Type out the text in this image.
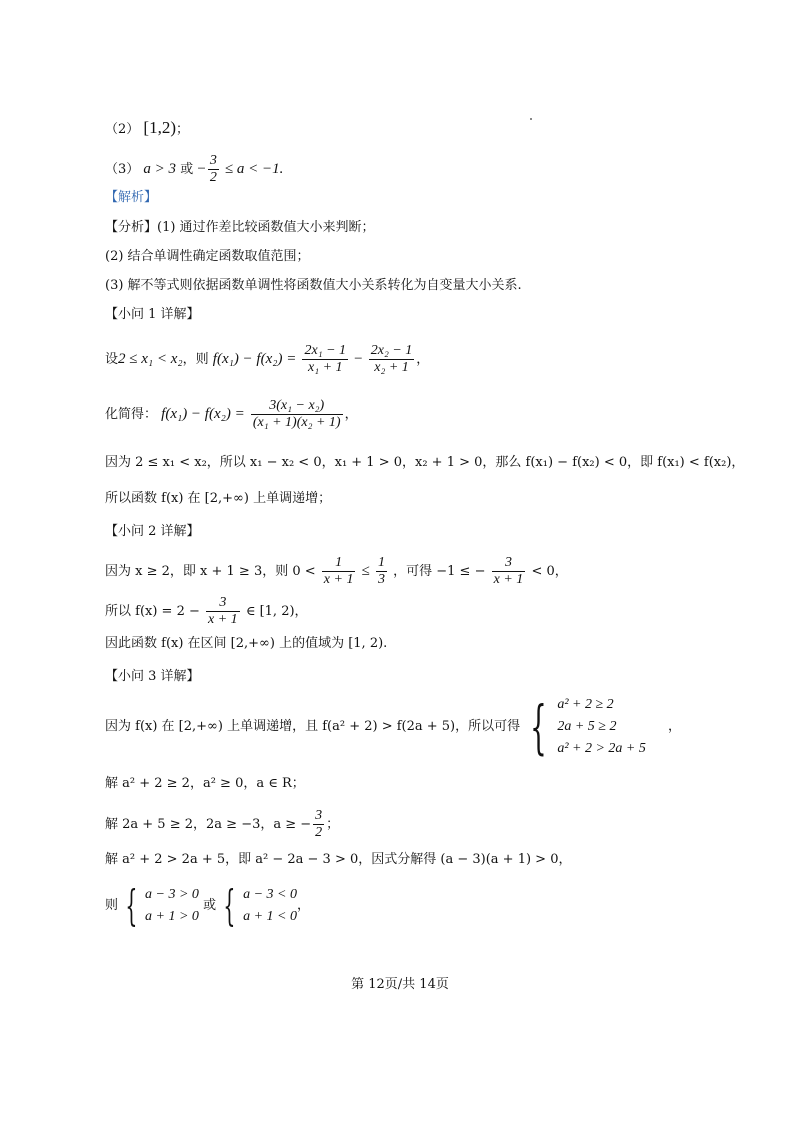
（2） [1,2)；
（3） a > 3 或 − $\frac{3}{2} \le a < -1$.
【解析】
【分析】(1) 通过作差比较函数值大小来判断；
(2) 结合单调性确定函数取值范围；
(3) 解不等式则依据函数单调性将函数值大小关系转化为自变量大小关系.
【小问 1 详解】
设2 ≤ x₁ < x₂，则 $f(x_1) - f(x_2) = \frac{\text{2x₁ − 1}}{\text{x₁ + 1}} - \frac{\text{2x₂ − 1}}{\text{x₂ + 1}}$ ，
化简得： $f(x_1) - f(x_2) = \frac{\text{3(x₁ − x₂)}}{\text{(x₁ + 1)(x₂ + 1)}}$ ，
因为 2 ≤ x₁ < x₂，所以 x₁ − x₂ < 0，x₁ + 1 > 0，x₂ + 1 > 0，那么 f(x₁) − f(x₂) < 0，即 f(x₁) < f(x₂)，
所以函数 f(x) 在 [2,+∞) 上单调递增；
【小问 2 详解】
因为 x ≥ 2，即 x + 1 ≥ 3，则 $0 < \frac{1}{x + 1} \le \frac{1}{3}$ ，可得 −1 ≤ − $\frac{3}{x + 1} < 0$，
所以 $f(x) = 2 - \frac{3}{x + 1}$ ∈ [1, 2)，
因此函数 f(x) 在区间 [2,+∞) 上的值域为 [1, 2).
【小问 3 详解】
因为 f(x) 在 [2,+∞) 上单调递增，且 f(a² + 2) > f(2a + 5)，所以可得 { a² + 2 ≥ 2
2a + 5 ≥ 2
a² + 2 > 2a + 5
，
解 a² + 2 ≥ 2，a² ≥ 0，a ∈ R；
解 2a + 5 ≥ 2，2a ≥ −3，a ≥ − $\frac{3}{2}$ ；
解 a² + 2 > 2a + 5，即 a² − 2a − 3 > 0，因式分解得 (a − 3)(a + 1) > 0，
则 { a − 3 > 0
a + 1 > 0
或 { a − 3 < 0
a + 1 < 0
，
第 12页/共 14页
